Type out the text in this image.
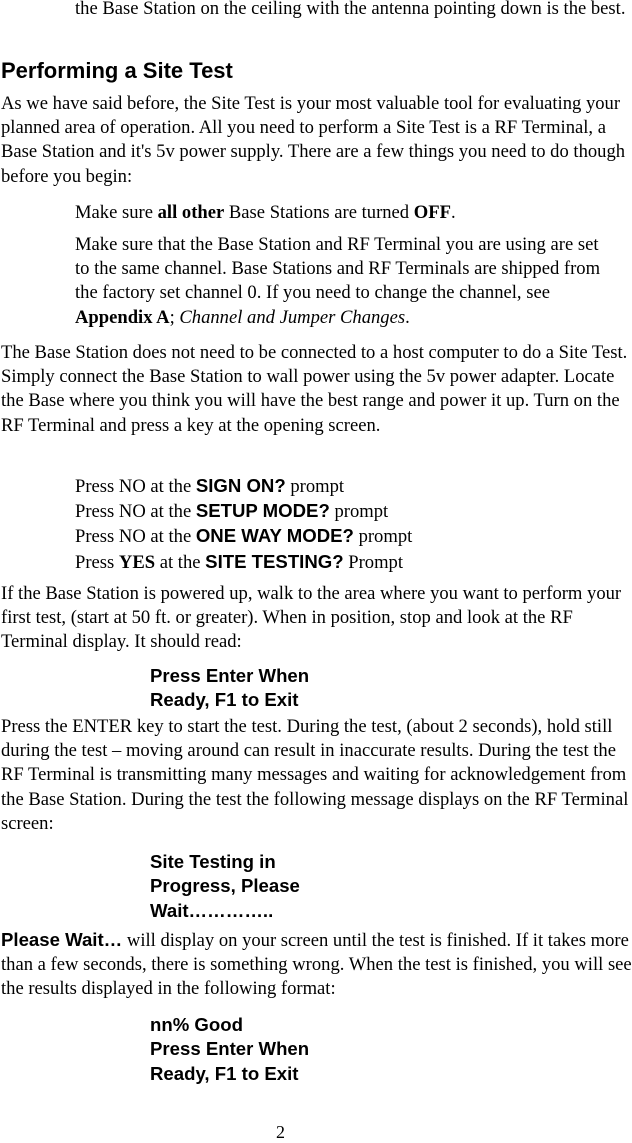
the Base Station on the ceiling with the antenna pointing down is the best.

Performing a Site Test

As we have said before, the Site Test is your most valuable tool for evaluating your planned area of operation. All you need to perform a Site Test is a RF Terminal, a Base Station and it's 5v power supply. There are a few things you need to do though before you begin:

Make sure all other Base Stations are turned OFF.

Make sure that the Base Station and RF Terminal you are using are set to the same channel. Base Stations and RF Terminals are shipped from the factory set channel 0. If you need to change the channel, see Appendix A; Channel and Jumper Changes.

The Base Station does not need to be connected to a host computer to do a Site Test. Simply connect the Base Station to wall power using the 5v power adapter. Locate the Base where you think you will have the best range and power it up. Turn on the RF Terminal and press a key at the opening screen.

Press NO at the SIGN ON? prompt

Press NO at the SETUP MODE? prompt

Press NO at the ONE WAY MODE? prompt

Press YES at the SITE TESTING? Prompt

If the Base Station is powered up, walk to the area where you want to perform your first test, (start at 50 ft. or greater). When in position, stop and look at the RF Terminal display. It should read:

Press Enter When

Ready, F1 to Exit

Press the ENTER key to start the test. During the test, (about 2 seconds), hold still during the test – moving around can result in inaccurate results. During the test the RF Terminal is transmitting many messages and waiting for acknowledgement from the Base Station. During the test the following message displays on the RF Terminal screen:

Site Testing in

Progress, Please

Wait…………..

Please Wait… will display on your screen until the test is finished. If it takes more than a few seconds, there is something wrong. When the test is finished, you will see the results displayed in the following format:

nn% Good

Press Enter When

Ready, F1 to Exit

2
